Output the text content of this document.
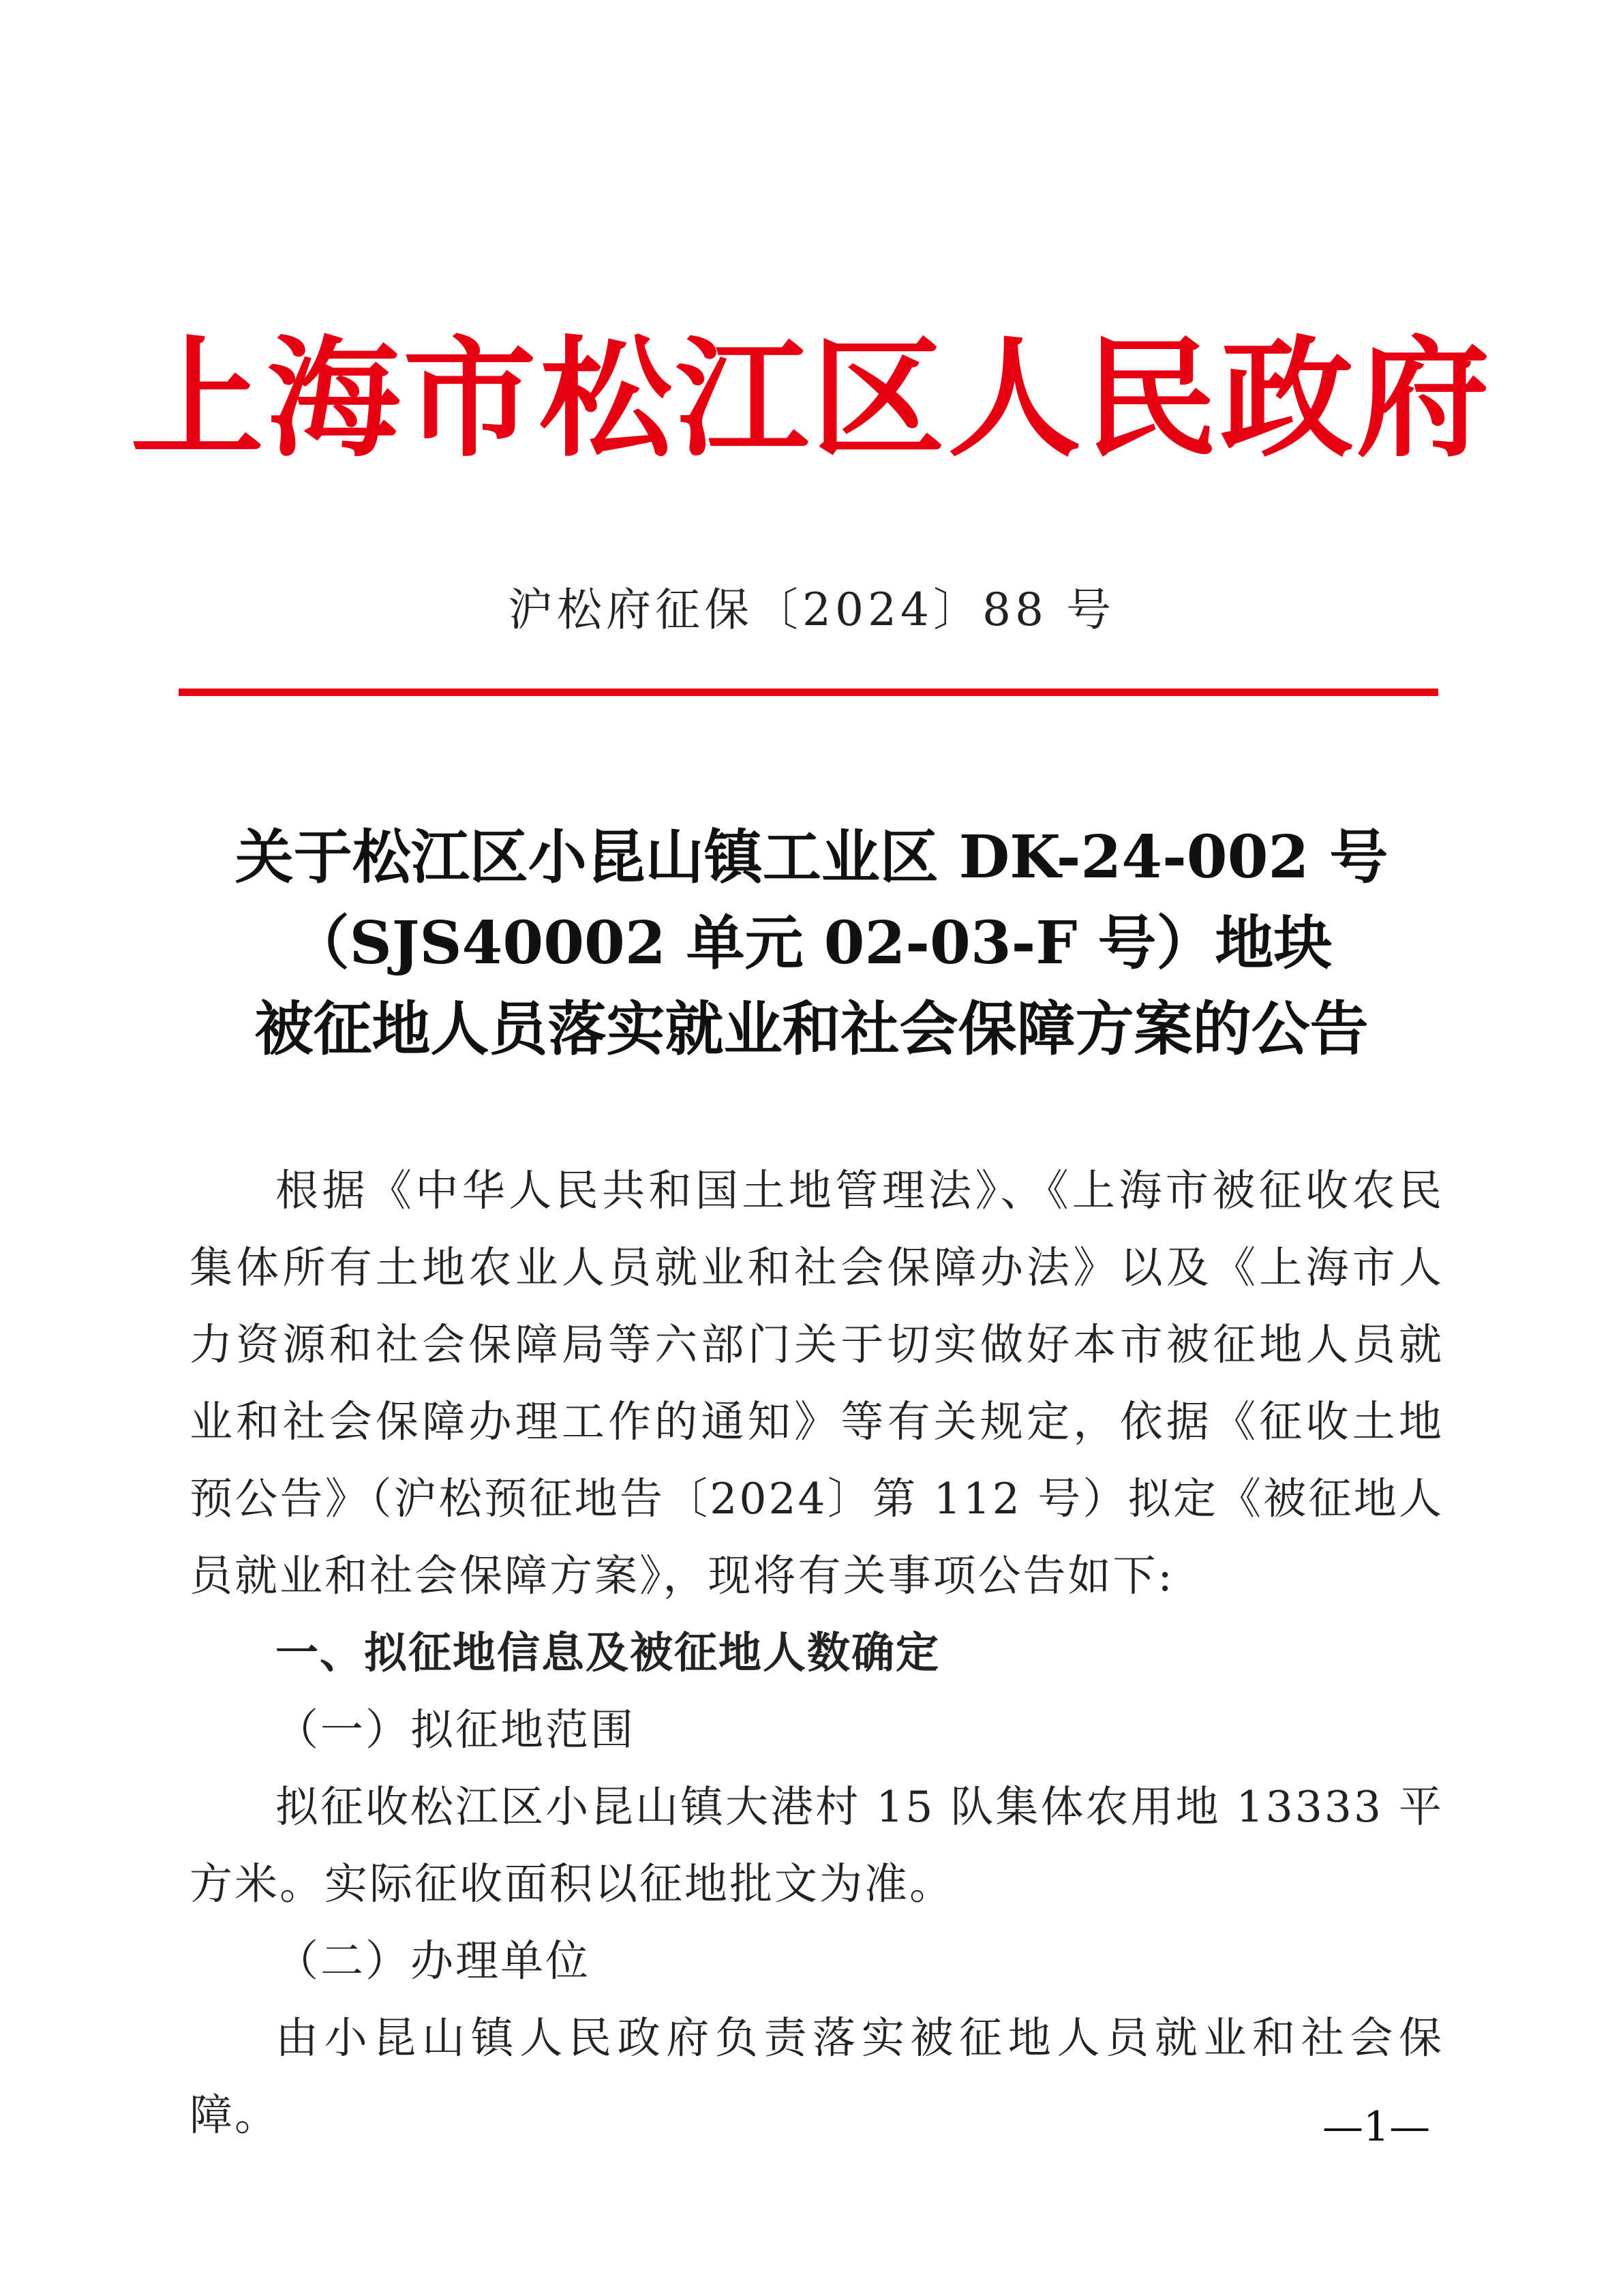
上海市松江区人民政府
沪松府征保〔2024〕88 号
关于松江区小昆山镇工业区 DK-24-002 号
（SJS40002 单元 02-03-F 号）地块
被征地人员落实就业和社会保障方案的公告

根据《中华人民共和国土地管理法》、《上海市被征收农民集体所有土地农业人员就业和社会保障办法》以及《上海市人力资源和社会保障局等六部门关于切实做好本市被征地人员就业和社会保障办理工作的通知》等有关规定，依据《征收土地预公告》（沪松预征地告〔2024〕第 112 号）拟定《被征地人员就业和社会保障方案》，现将有关事项公告如下:

一、拟征地信息及被征地人数确定

（一）拟征地范围

拟征收松江区小昆山镇大港村 15 队集体农用地 13333 平方米。实际征收面积以征地批文为准。

（二）办理单位

由小昆山镇人民政府负责落实被征地人员就业和社会保障。	—1—
